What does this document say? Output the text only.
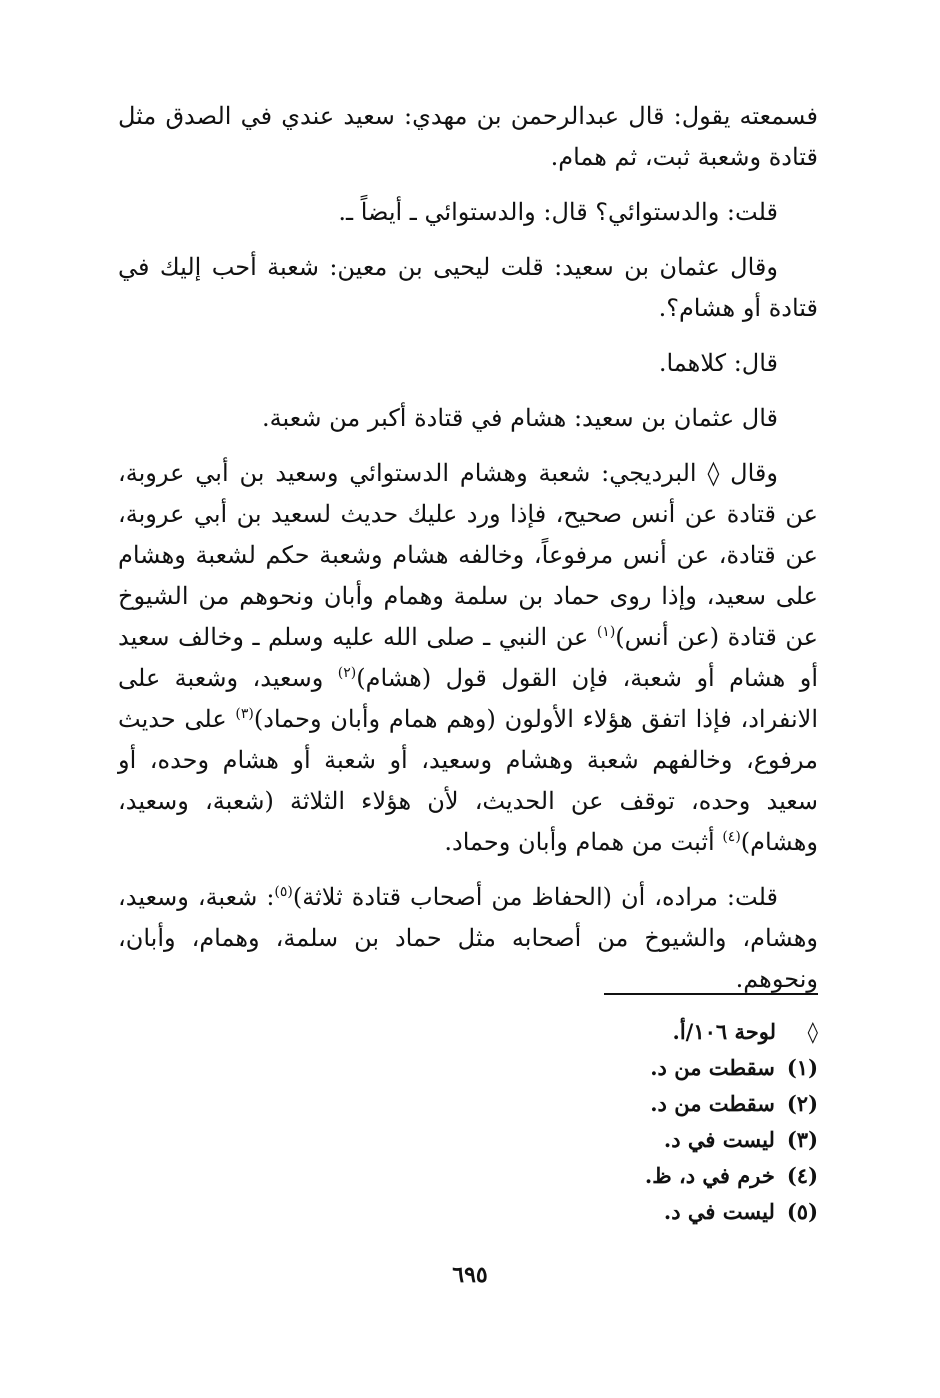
فسمعته يقول: قال عبدالرحمن بن مهدي: سعيد عندي في الصدق مثل قتادة وشعبة ثبت، ثم همام.

قلت: والدستوائي؟ قال: والدستوائي ـ أيضاً ـ.

وقال عثمان بن سعيد: قلت ليحيى بن معين: شعبة أحب إليك في قتادة أو هشام؟.

قال: كلاهما.

قال عثمان بن سعيد: هشام في قتادة أكبر من شعبة.

وقال ◊ البرديجي: شعبة وهشام الدستوائي وسعيد بن أبي عروبة، عن قتادة عن أنس صحيح، فإذا ورد عليك حديث لسعيد بن أبي عروبة، عن قتادة، عن أنس مرفوعاً، وخالفه هشام وشعبة حكم لشعبة وهشام على سعيد، وإذا روى حماد بن سلمة وهمام وأبان ونحوهم من الشيوخ عن قتادة (عن أنس)$^{(١)}$ عن النبي ـ صلى الله عليه وسلم ـ وخالف سعيد أو هشام أو شعبة، فإن القول قول (هشام)$^{(٢)}$ وسعيد، وشعبة على الانفراد، فإذا اتفق هؤلاء الأولون (وهم همام وأبان وحماد)$^{(٣)}$ على حديث مرفوع، وخالفهم شعبة وهشام وسعيد، أو شعبة أو هشام وحده، أو سعيد وحده، توقف عن الحديث، لأن هؤلاء الثلاثة (شعبة، وسعيد، وهشام)$^{(٤)}$ أثبت من همام وأبان وحماد.

قلت: مراده، أن (الحفاظ من أصحاب قتادة ثلاثة)$^{(٥)}$: شعبة، وسعيد، وهشام، والشيوخ من أصحابه مثل حماد بن سلمة، وهمام، وأبان، ونحوهم.

◊
لوحة ١٠٦/أ.
(١)
سقطت من د.
(٢)
سقطت من د.
(٣)
ليست في د.
(٤)
خرم في د، ظ.
(٥)
ليست في د.
٦٩٥
